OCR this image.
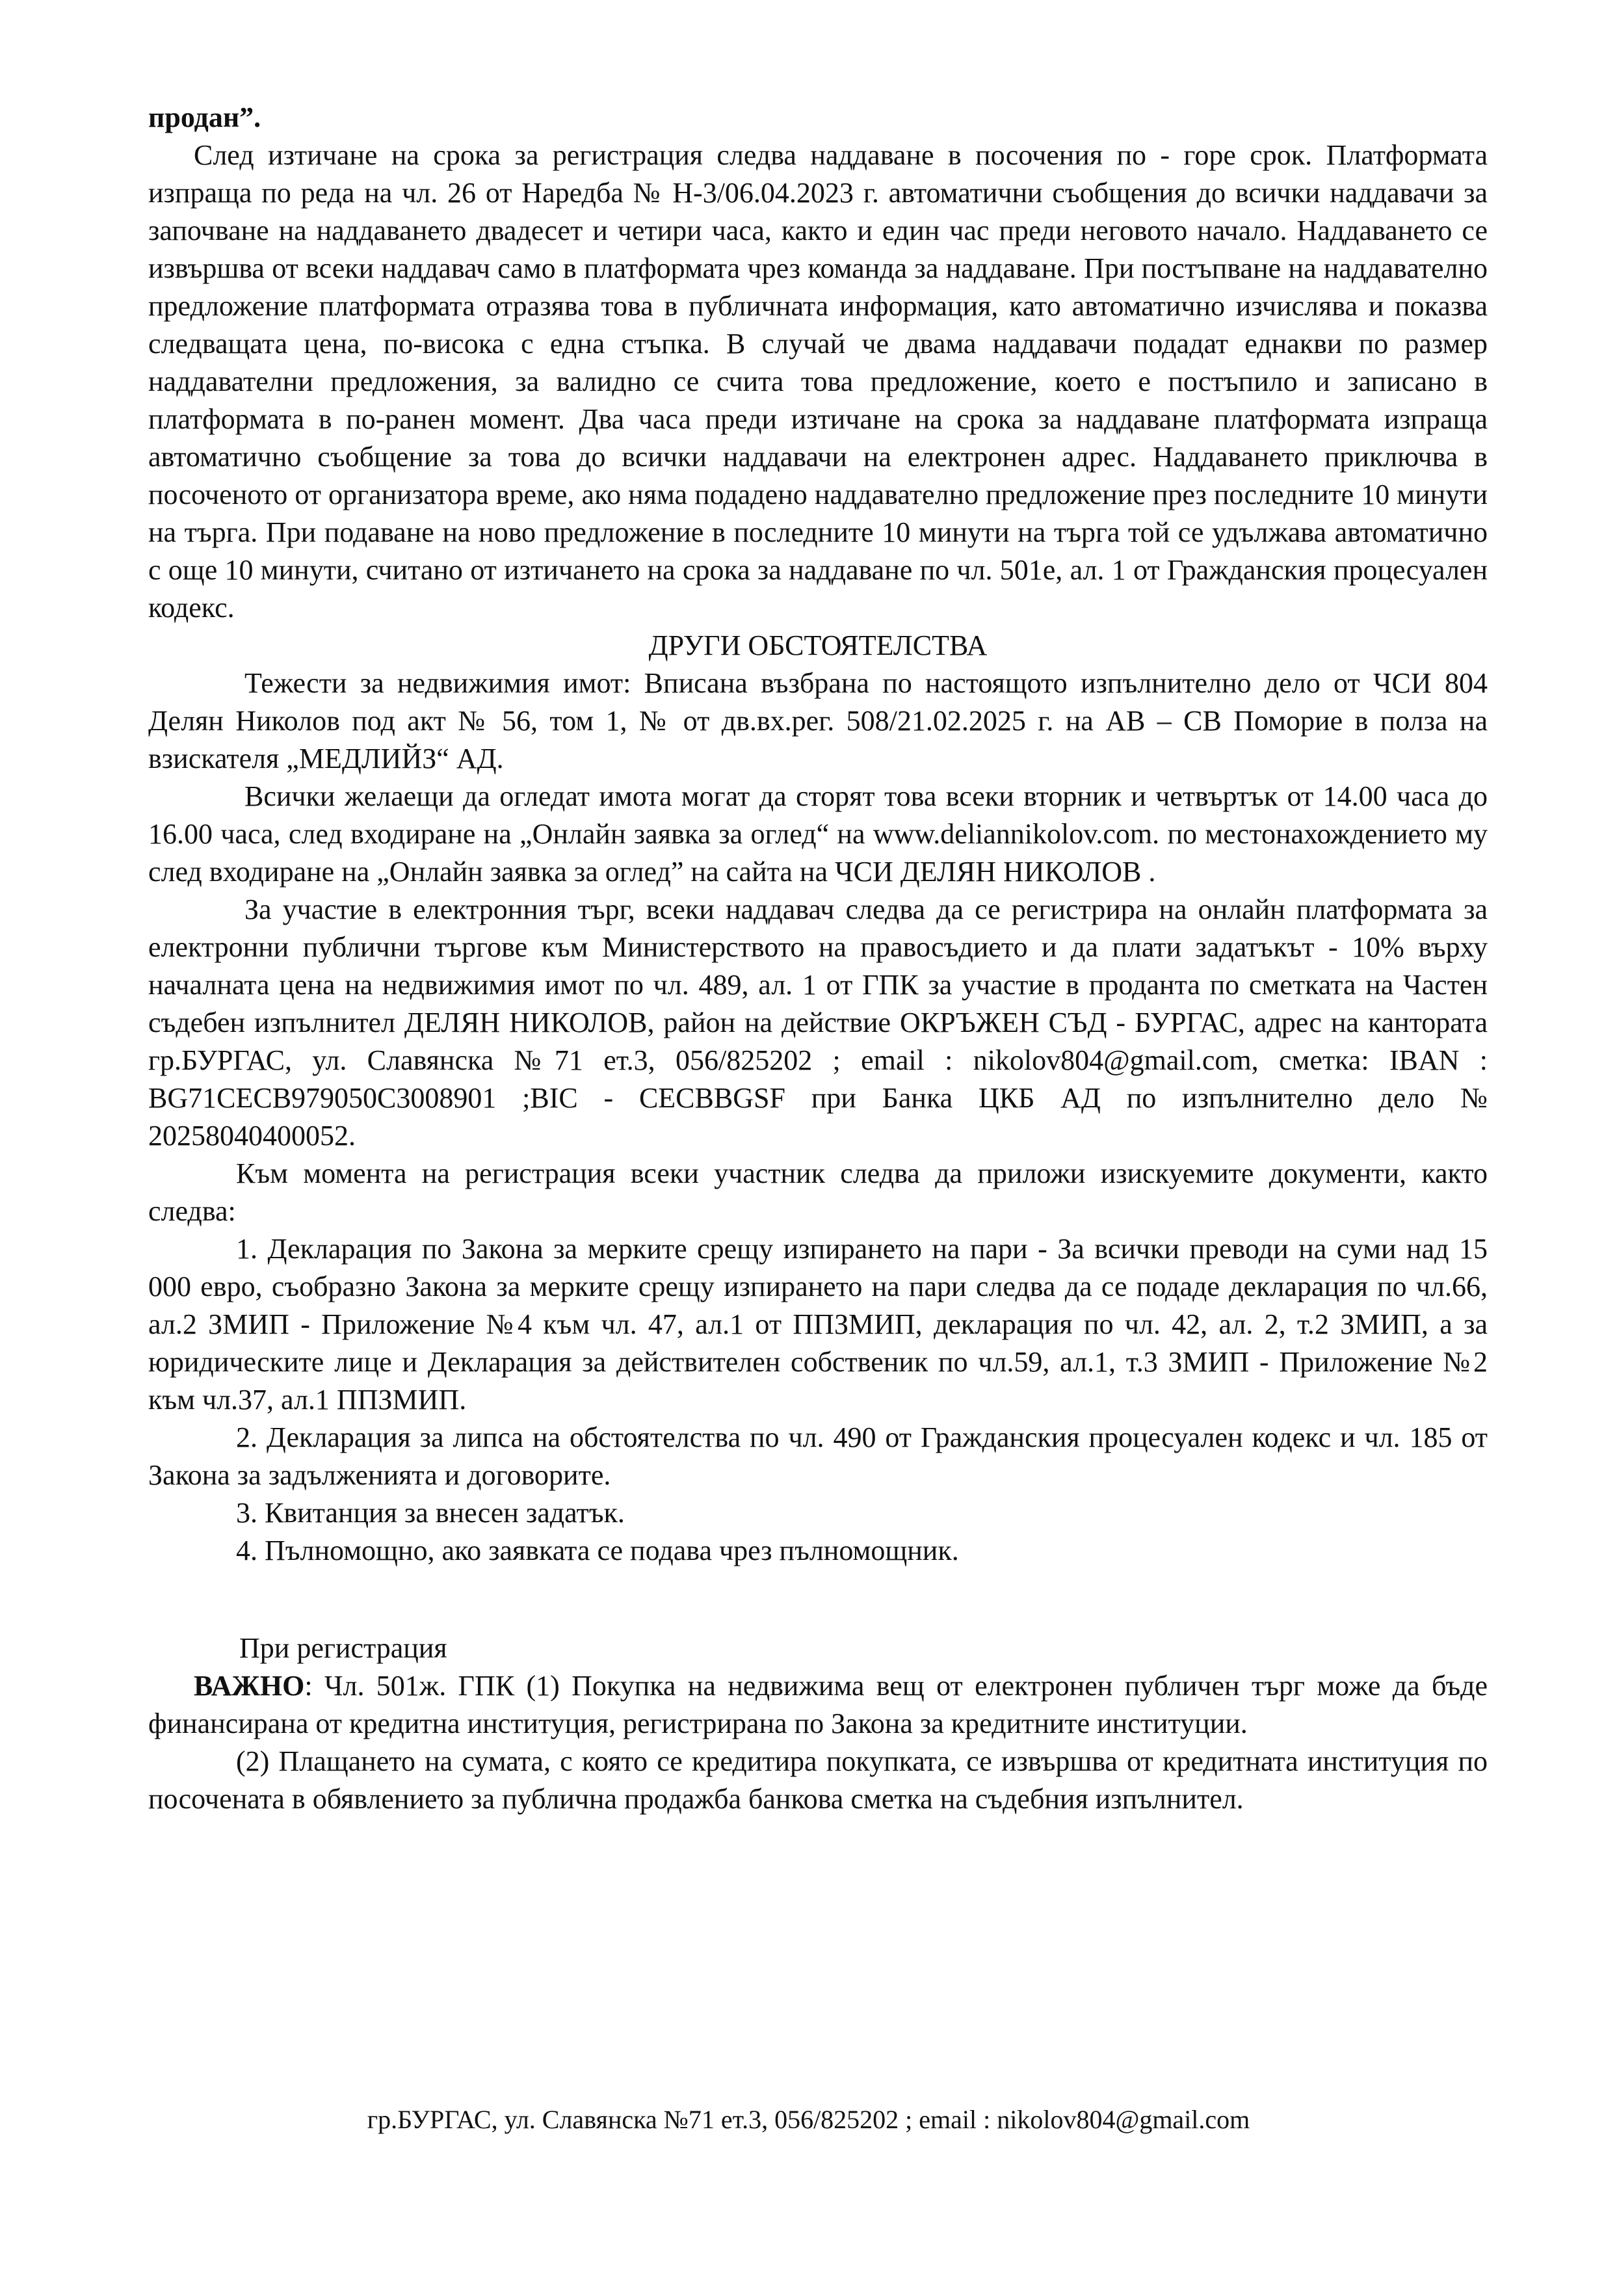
продан”.

След изтичане на срока за регистрация следва наддаване в посочения по - горе срок. Платформата изпраща по реда на чл. 26 от Наредба № Н-3/06.04.2023 г. автоматични съобщения до всички наддавачи за започване на наддаването двадесет и четири часа, както и един час преди неговото начало. Наддаването се извършва от всеки наддавач само в платформата чрез команда за наддаване. При постъпване на наддавателно предложение платформата отразява това в публичната информация, като автоматично изчислява и показва следващата цена, по-висока с една стъпка. В случай че двама наддавачи подадат еднакви по размер наддавателни предложения, за валидно се счита това предложение, което е постъпило и записано в платформата в по-ранен момент. Два часа преди изтичане на срока за наддаване платформата изпраща автоматично съобщение за това до всички наддавачи на електронен адрес. Наддаването приключва в посоченото от организатора време, ако няма подадено наддавателно предложение през последните 10 минути на търга. При подаване на ново предложение в последните 10 минути на търга той се удължава автоматично с още 10 минути, считано от изтичането на срока за наддаване по чл. 501е, ал. 1 от Гражданския процесуален кодекс.

ДРУГИ ОБСТОЯТЕЛСТВА

Тежести за недвижимия имот: Вписана възбрана по настоящото изпълнително дело от ЧСИ 804 Делян Николов под акт № 56, том 1, № от дв.вх.рег. 508/21.02.2025 г. на АВ – СВ Поморие в полза на взискателя „МЕДЛИЙЗ“ АД.

Всички желаещи да огледат имота могат да сторят това всеки вторник и четвъртък от 14.00 часа до 16.00 часа, след входиране на „Онлайн заявка за оглед“ на www.deliannikolov.com. по местонахождението му след входиране на „Онлайн заявка за оглед” на сайта на ЧСИ ДЕЛЯН НИКОЛОВ .

За участие в електронния търг, всеки наддавач следва да се регистрира на онлайн платформата за електронни публични търгове към Министерството на правосъдието и да плати задатъкът - 10% върху началната цена на недвижимия имот по чл. 489, ал. 1 от ГПК за участие в проданта по сметката на Частен съдебен изпълнител ДЕЛЯН НИКОЛОВ, район на действие ОКРЪЖЕН СЪД - БУРГАС, адрес на кантората гр.БУРГАС, ул. Славянска №71 ет.3, 056/825202 ; email : nikolov804@gmail.com, сметка: IBAN : BG71CECB979050C3008901 ;BIC - CECBBGSF при Банка ЦКБ АД по изпълнително дело № 20258040400052.

Към момента на регистрация всеки участник следва да приложи изискуемите документи, както следва:

1. Декларация по Закона за мерките срещу изпирането на пари - За всички преводи на суми над 15 000 евро, съобразно Закона за мерките срещу изпирането на пари следва да се подаде декларация по чл.66, ал.2 ЗМИП - Приложение №4 към чл. 47, ал.1 от ППЗМИП, декларация по чл. 42, ал. 2, т.2 ЗМИП, а за юридическите лице и Декларация за действителен собственик по чл.59, ал.1, т.3 ЗМИП - Приложение №2 към чл.37, ал.1 ППЗМИП.

2. Декларация за липса на обстоятелства по чл. 490 от Гражданския процесуален кодекс и чл. 185 от Закона за задълженията и договорите.

3. Квитанция за внесен задатък.

4. Пълномощно, ако заявката се подава чрез пълномощник.

При регистрация

ВАЖНО: Чл. 501ж. ГПК (1) Покупка на недвижима вещ от електронен публичен търг може да бъде финансирана от кредитна институция, регистрирана по Закона за кредитните институции.

(2) Плащането на сумата, с която се кредитира покупката, се извършва от кредитната институция по посочената в обявлението за публична продажба банкова сметка на съдебния изпълнител.

гр.БУРГАС, ул. Славянска №71 ет.3, 056/825202 ; email : nikolov804@gmail.com
